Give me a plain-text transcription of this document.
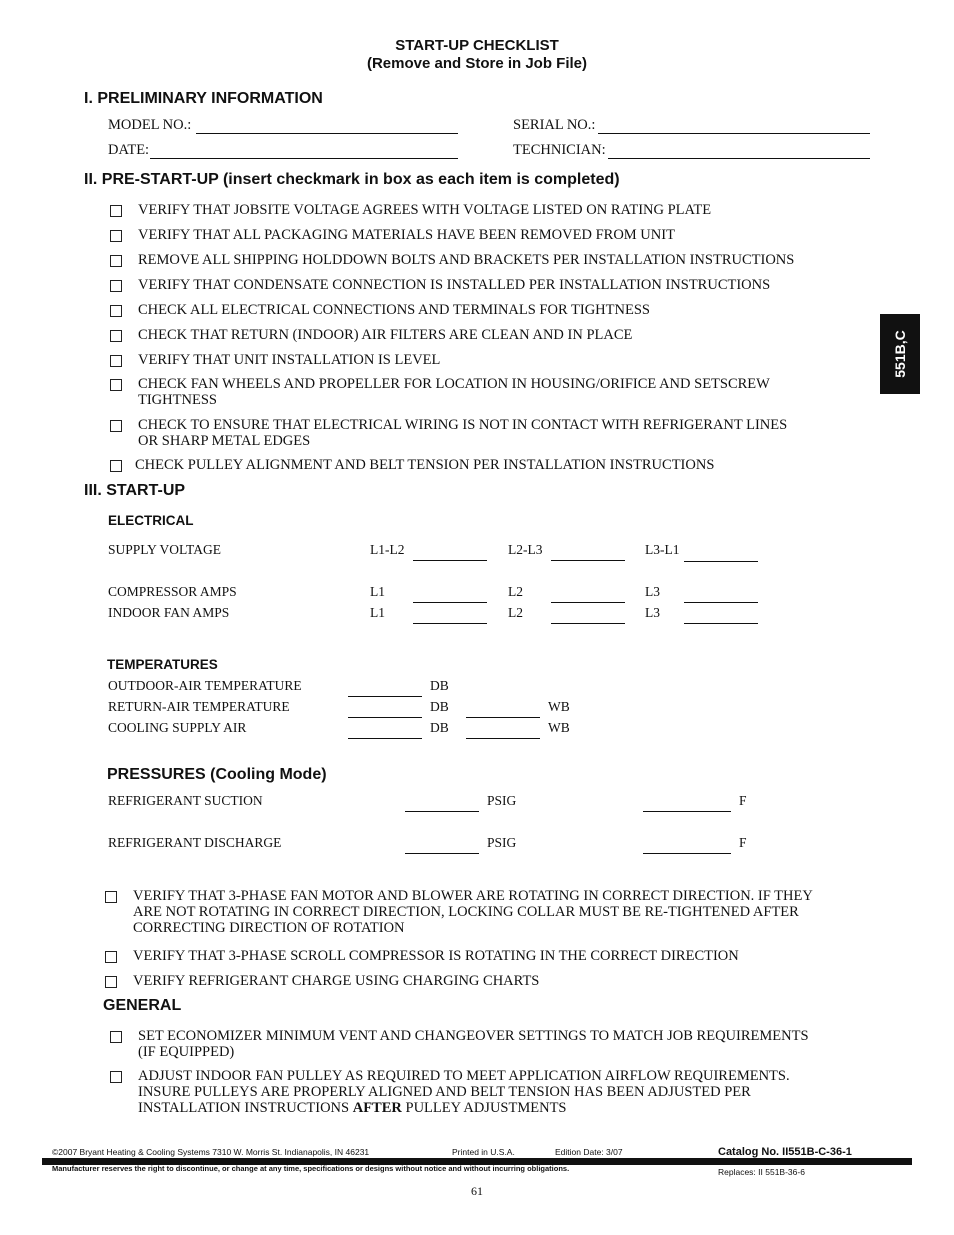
START-UP CHECKLIST
(Remove and Store in Job File)
I. PRELIMINARY INFORMATION
MODEL NO.:	SERIAL NO.:
DATE:	TECHNICIAN:
II. PRE-START-UP (insert checkmark in box as each item is completed)
VERIFY THAT JOBSITE VOLTAGE AGREES WITH VOLTAGE LISTED ON RATING PLATE
VERIFY THAT ALL PACKAGING MATERIALS HAVE BEEN REMOVED FROM UNIT
REMOVE ALL SHIPPING HOLDDOWN BOLTS AND BRACKETS PER INSTALLATION INSTRUCTIONS
VERIFY THAT CONDENSATE CONNECTION IS INSTALLED PER INSTALLATION INSTRUCTIONS
CHECK ALL ELECTRICAL CONNECTIONS AND TERMINALS FOR TIGHTNESS
CHECK THAT RETURN (INDOOR) AIR FILTERS ARE CLEAN AND IN PLACE
VERIFY THAT UNIT INSTALLATION IS LEVEL
CHECK FAN WHEELS AND PROPELLER FOR LOCATION IN HOUSING/ORIFICE AND SETSCREW
TIGHTNESS
CHECK TO ENSURE THAT ELECTRICAL WIRING IS NOT IN CONTACT WITH REFRIGERANT LINES
OR SHARP METAL EDGES
CHECK PULLEY ALIGNMENT AND BELT TENSION PER INSTALLATION INSTRUCTIONS
III. START-UP
ELECTRICAL
SUPPLY VOLTAGE	L1-L2	L2-L3	L3-L1
COMPRESSOR AMPS	L1	L2	L3
INDOOR FAN AMPS	L1	L2	L3
TEMPERATURES
OUTDOOR-AIR TEMPERATURE	DB
RETURN-AIR TEMPERATURE	DB	WB
COOLING SUPPLY AIR	DB	WB
PRESSURES (Cooling Mode)
REFRIGERANT SUCTION	PSIG	F
REFRIGERANT DISCHARGE	PSIG	F
VERIFY THAT 3-PHASE FAN MOTOR AND BLOWER ARE ROTATING IN CORRECT DIRECTION. IF THEY
ARE NOT ROTATING IN CORRECT DIRECTION, LOCKING COLLAR MUST BE RE-TIGHTENED AFTER
CORRECTING DIRECTION OF ROTATION
VERIFY THAT 3-PHASE SCROLL COMPRESSOR IS ROTATING IN THE CORRECT DIRECTION
VERIFY REFRIGERANT CHARGE USING CHARGING CHARTS
GENERAL
SET ECONOMIZER MINIMUM VENT AND CHANGEOVER SETTINGS TO MATCH JOB REQUIREMENTS
(IF EQUIPPED)
ADJUST INDOOR FAN PULLEY AS REQUIRED TO MEET APPLICATION AIRFLOW REQUIREMENTS.
INSURE PULLEYS ARE PROPERLY ALIGNED AND BELT TENSION HAS BEEN ADJUSTED PER
INSTALLATION INSTRUCTIONS AFTER PULLEY ADJUSTMENTS
551B,C
©2007 Bryant Heating & Cooling Systems 7310 W. Morris St. Indianapolis, IN 46231	Printed in U.S.A.	Edition Date: 3/07	Catalog No. II551B-C-36-1
Manufacturer reserves the right to discontinue, or change at any time, specifications or designs without notice and without incurring obligations.	Replaces: II 551B-36-6
61
